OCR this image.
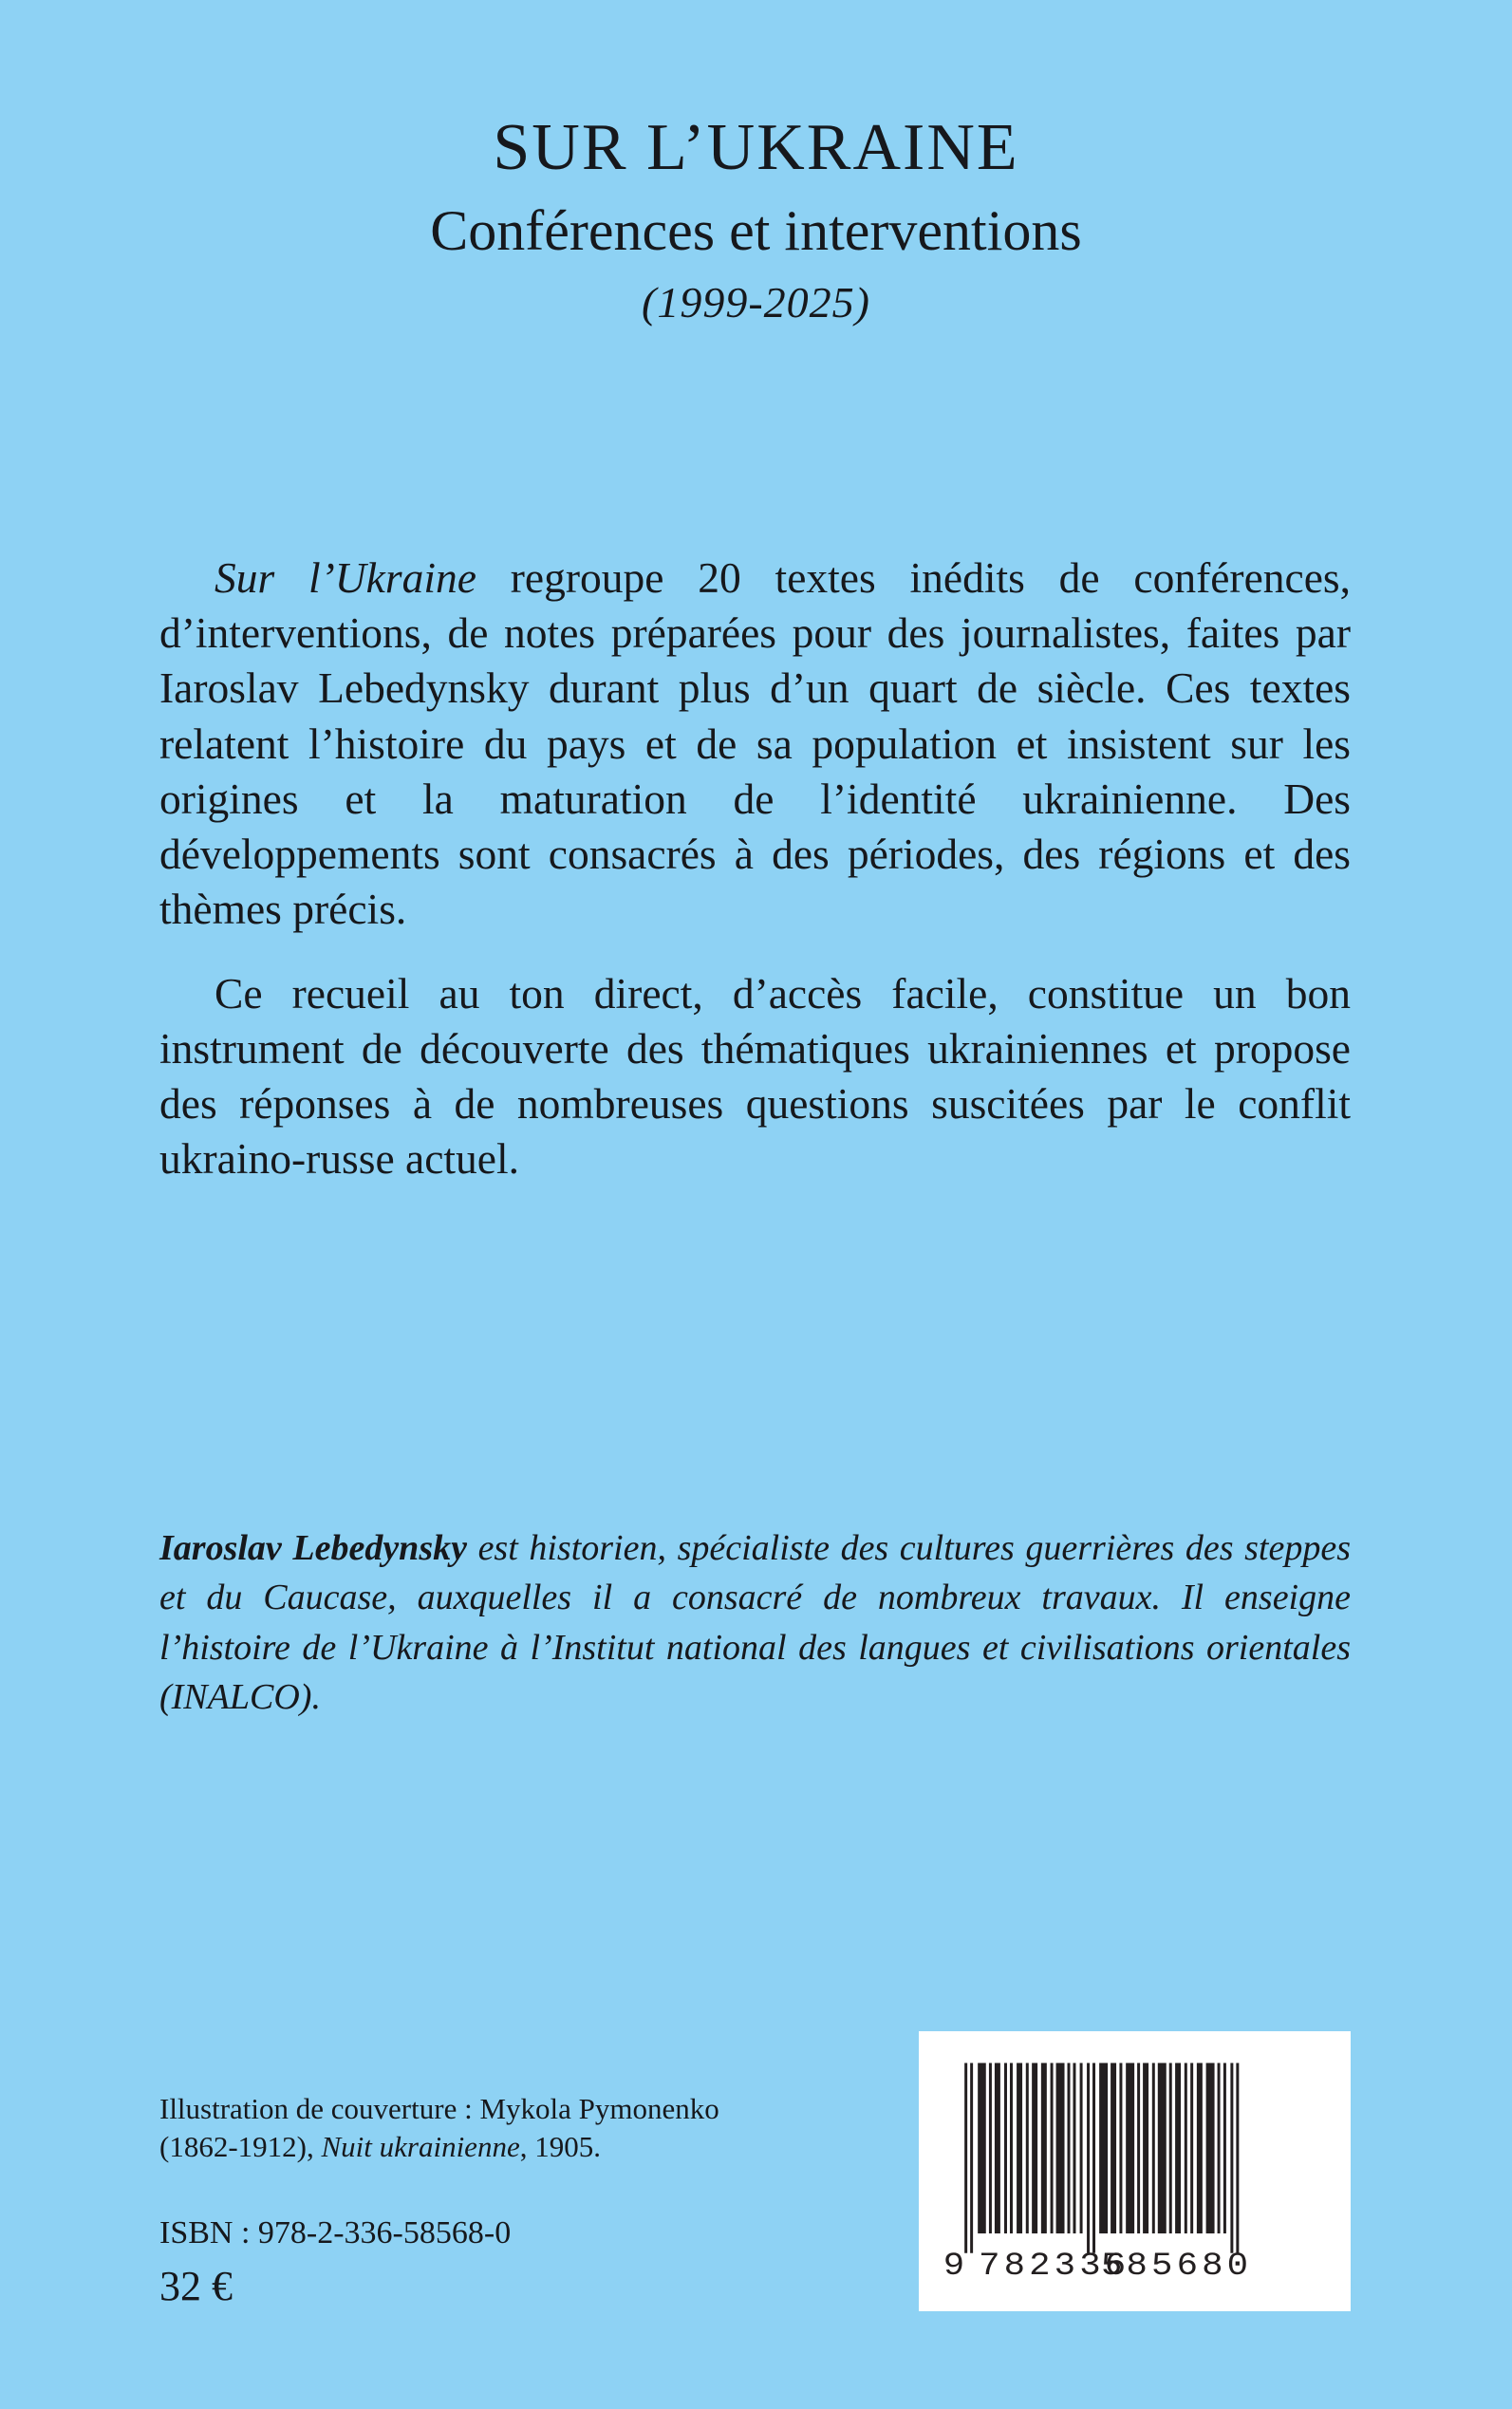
SUR L’UKRAINE
Conférences et interventions
(1999-2025)

Sur l’Ukraine regroupe 20 textes inédits de conférences, d’interventions, de notes préparées pour des journalistes, faites par Iaroslav Lebedynsky durant plus d’un quart de siècle. Ces textes relatent l’histoire du pays et de sa population et insistent sur les origines et la maturation de l’identité ukrainienne. Des développements sont consacrés à des périodes, des régions et des thèmes précis.

Ce recueil au ton direct, d’accès facile, constitue un bon instrument de découverte des thématiques ukrainiennes et propose des réponses à de nombreuses questions suscitées par le conflit ukraino-russe actuel.

Iaroslav Lebedynsky est historien, spécialiste des cultures guerrières des steppes et du Caucase, auxquelles il a consacré de nombreux travaux. Il enseigne l’histoire de l’Ukraine à l’Institut national des langues et civilisations orientales (INALCO).

Illustration de couverture : Mykola Pymonenko
(1862-1912), Nuit ukrainienne, 1905.
ISBN : 978-2-336-58568-0
32 €	9 782336
585680
